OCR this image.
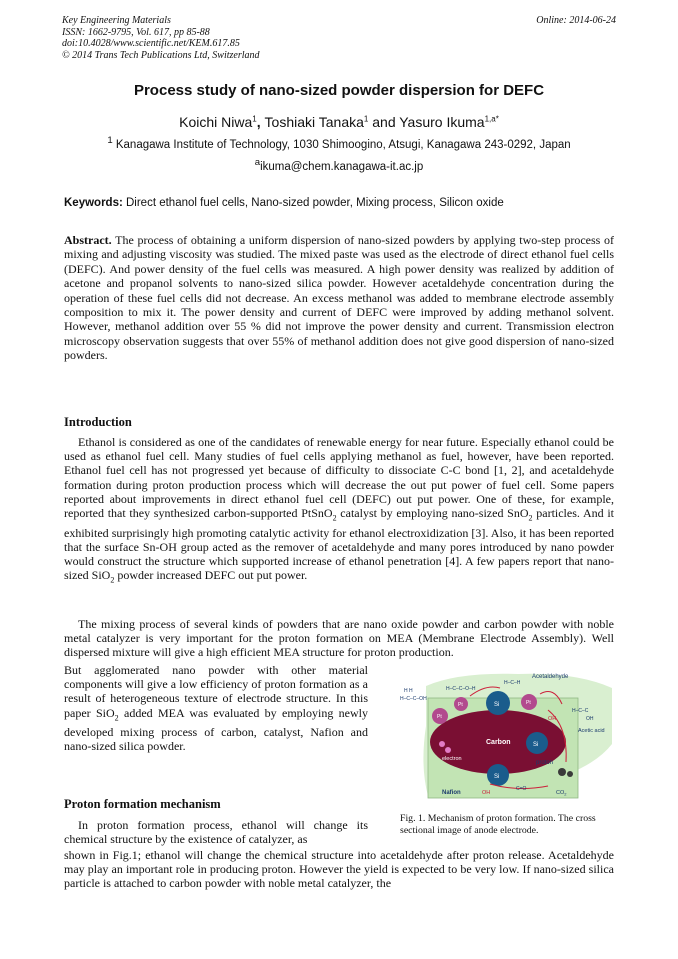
Key Engineering Materials
ISSN: 1662-9795, Vol. 617, pp 85-88
doi:10.4028/www.scientific.net/KEM.617.85
© 2014 Trans Tech Publications Ltd, Switzerland
Online: 2014-06-24
Process study of nano-sized powder dispersion for DEFC
Koichi Niwa$^1$, Toshiaki Tanaka$^1$ and Yasuro Ikuma$^{1,a*}$
$^1$ Kanagawa Institute of Technology, 1030 Shimoogino, Atsugi, Kanagawa 243-0292, Japan
$^a$ikuma@chem.kanagawa-it.ac.jp
Keywords: Direct ethanol fuel cells, Nano-sized powder, Mixing process, Silicon oxide

Abstract. The process of obtaining a uniform dispersion of nano-sized powders by applying two-step process of mixing and adjusting viscosity was studied. The mixed paste was used as the electrode of direct ethanol fuel cells (DEFC). And power density of the fuel cells was measured. A high power density was realized by addition of acetone and propanol solvents to nano-sized silica powder. However acetaldehyde concentration during the operation of these fuel cells did not decrease. An excess methanol was added to membrane electrode assembly composition to mix it. The power density and current of DEFC were improved by adding methanol solvent. However, methanol addition over 55 % did not improve the power density and current. Transmission electron microscopy observation suggests that over 55% of methanol addition does not give good dispersion of nano-sized powders.

Introduction

Ethanol is considered as one of the candidates of renewable energy for near future. Especially ethanol could be used as ethanol fuel cell. Many studies of fuel cells applying methanol as fuel, however, have been reported. Ethanol fuel cell has not progressed yet because of difficulty to dissociate C-C bond [1, 2], and acetaldehyde formation during proton production process which will decrease the out put power of fuel cell. Some papers reported about improvements in direct ethanol fuel cell (DEFC) out put power. One of these, for example, reported that they synthesized carbon-supported PtSnO$_2$ catalyst by employing nano-sized SnO$_2$ particles. And it exhibited surprisingly high promoting catalytic activity for ethanol electroxidization [3]. Also, it has been reported that the surface Sn-OH group acted as the remover of acetaldehyde and many pores introduced by nano powder would construct the structure which supported increase of ethanol penetration [4]. A few papers report that nano-sized SiO$_2$ powder increased DEFC out put power.

The mixing process of several kinds of powders that are nano oxide powder and carbon powder with noble metal catalyzer is very important for the proton formation on MEA (Membrane Electrode Assembly). Well dispersed mixture will give a high efficient MEA structure for proton production.

But agglomerated nano powder with other material components will give a low efficiency of proton formation as a result of heterogeneous texture of electrode structure. In this paper SiO$_2$ added MEA was evaluated by employing newly developed mixing process of carbon, catalyst, Nafion and nano-sized silica powder.

Proton formation mechanism

In proton formation process, ethanol will change its chemical structure by the existence of catalyzer, as

shown in Fig.1; ethanol will change the chemical structure into acetaldehyde after proton release. Acetaldehyde may play an important role in producing proton. However the yield is expected to be very low. If nano-sized silica particle is attached to carbon powder with noble metal catalyzer, the

Carbon
Si
Si
Si
Pt
Pt	Pt
electron
proton
Nafion
Acetaldehyde
Acetic acid
OH
OH	$CO_2$
C=O
H H
H–C–C–OH
H–C–H
H–C–C–O–H
H–C–C
OH

Fig. 1. Mechanism of proton formation. The cross sectional image of anode electrode.
